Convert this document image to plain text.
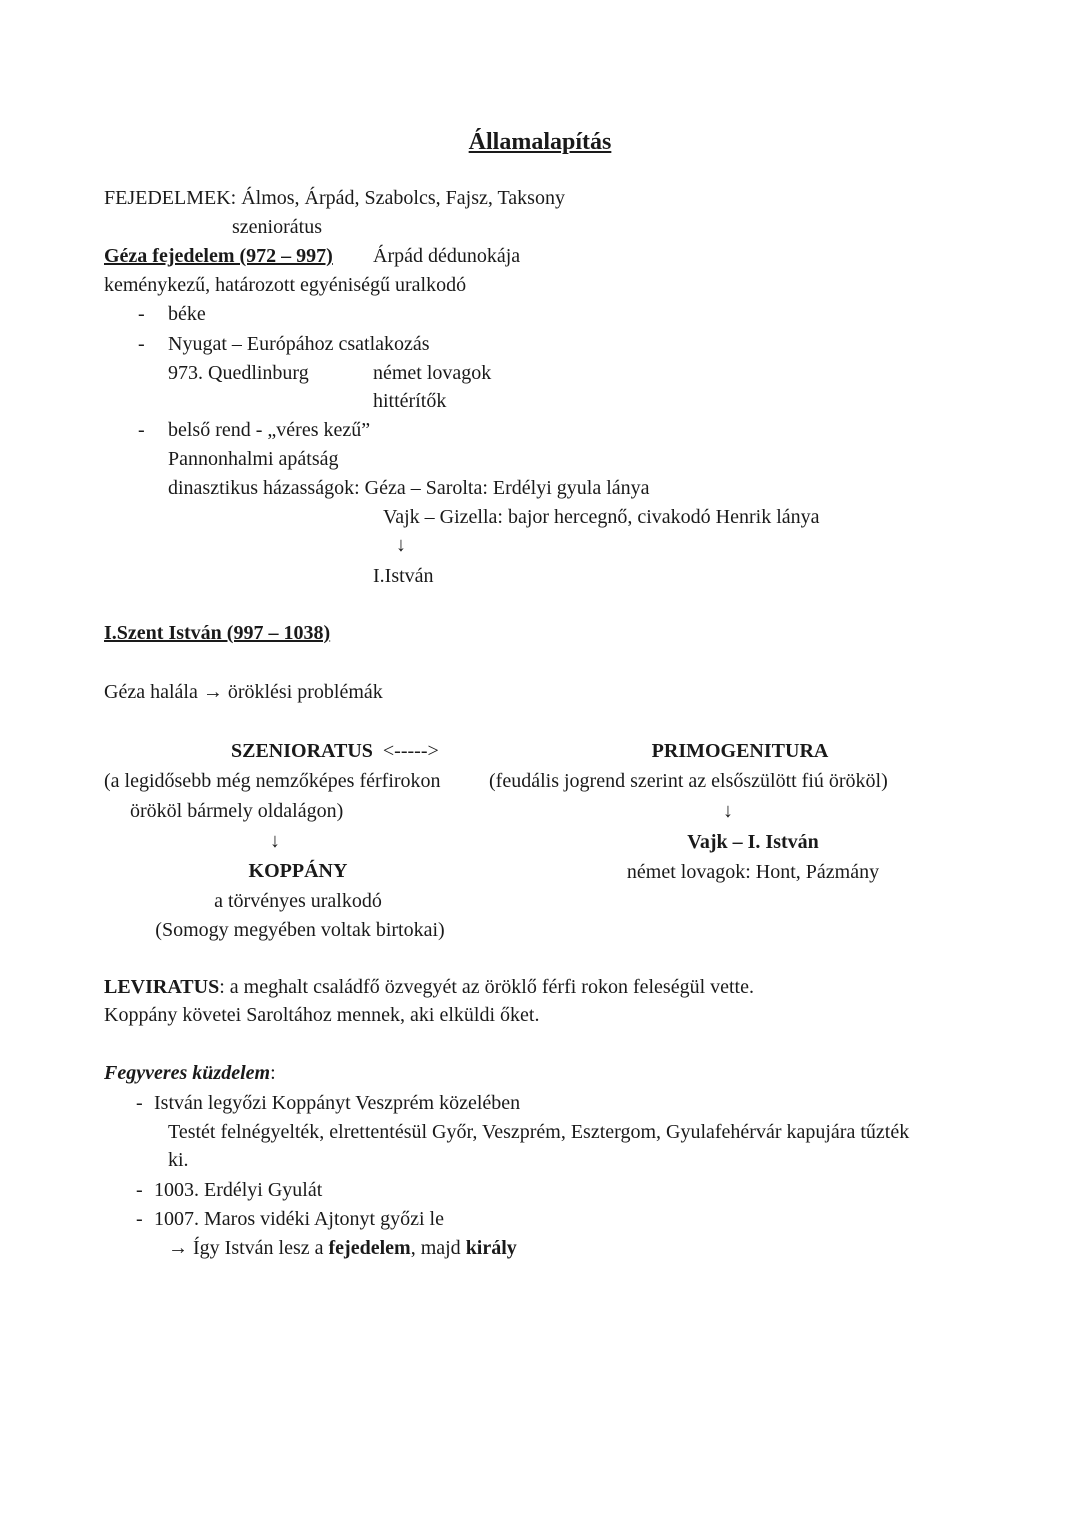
Államalapítás
FEJEDELMEK: Álmos, Árpád, Szabolcs, Fajsz, Taksony
szeniorátus
Géza fejedelem (972 – 997) Árpád dédunokája
keménykezű, határozott egyéniségű uralkodó
- béke
- Nyugat – Európához csatlakozás
973. Quedlinburg	német lovagok
hittérítők
- belső rend - „véres kezű”
Pannonhalmi apátság
dinasztikus házasságok: Géza – Sarolta: Erdélyi gyula lánya
Vajk – Gizella: bajor hercegnő, civakodó Henrik lánya
↓
I.István
I.Szent István (997 – 1038)
Géza halála → öröklési problémák
SZENIORATUS <----->
(a legidősebb még nemzőképes férfirokon
örököl bármely oldalágon)
↓
KOPPÁNY
a törvényes uralkodó
(Somogy megyében voltak birtokai)
PRIMOGENITURA
(feudális jogrend szerint az elsőszülött fiú örököl)
↓
Vajk – I. István
német lovagok: Hont, Pázmány
LEVIRATUS: a meghalt családfő özvegyét az öröklő férfi rokon feleségül vette.
Koppány követei Saroltához mennek, aki elküldi őket.
Fegyveres küzdelem:
- István legyőzi Koppányt Veszprém közelében
Testét felnégyelték, elrettentésül Győr, Veszprém, Esztergom, Gyulafehérvár kapujára tűzték
ki.
- 1003. Erdélyi Gyulát
- 1007. Maros vidéki Ajtonyt győzi le
→ Így István lesz a fejedelem, majd király
